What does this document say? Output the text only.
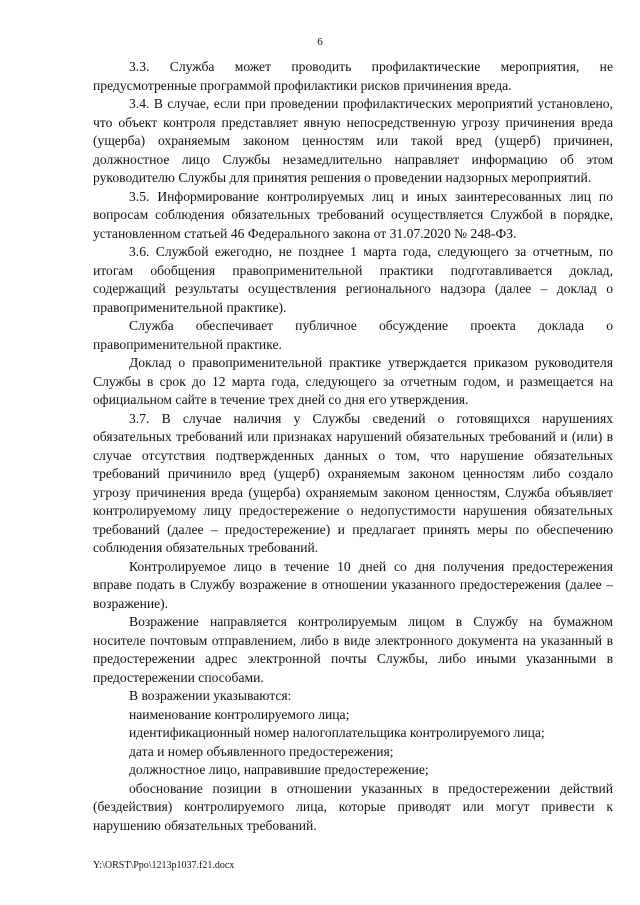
6

3.3. Служба может проводить профилактические мероприятия, не предусмотренные программой профилактики рисков причинения вреда.

3.4. В случае, если при проведении профилактических мероприятий установлено, что объект контроля представляет явную непосредственную угрозу причинения вреда (ущерба) охраняемым законом ценностям или такой вред (ущерб) причинен, должностное лицо Службы незамедлительно направляет информацию об этом руководителю Службы для принятия решения о проведении надзорных мероприятий.

3.5. Информирование контролируемых лиц и иных заинтересованных лиц по вопросам соблюдения обязательных требований осуществляется Службой в порядке, установленном статьей 46 Федерального закона от 31.07.2020 № 248-ФЗ.

3.6. Службой ежегодно, не позднее 1 марта года, следующего за отчетным, по итогам обобщения правоприменительной практики подготавливается доклад, содержащий результаты осуществления регионального надзора (далее – доклад о правоприменительной практике).

Служба обеспечивает публичное обсуждение проекта доклада о правоприменительной практике.

Доклад о правоприменительной практике утверждается приказом руководителя Службы в срок до 12 марта года, следующего за отчетным годом, и размещается на официальном сайте в течение трех дней со дня его утверждения.

3.7. В случае наличия у Службы сведений о готовящихся нарушениях обязательных требований или признаках нарушений обязательных требований и (или) в случае отсутствия подтвержденных данных о том, что нарушение обязательных требований причинило вред (ущерб) охраняемым законом ценностям либо создало угрозу причинения вреда (ущерба) охраняемым законом ценностям, Служба объявляет контролируемому лицу предостережение о недопустимости нарушения обязательных требований (далее – предостережение) и предлагает принять меры по обеспечению соблюдения обязательных требований.

Контролируемое лицо в течение 10 дней со дня получения предостережения вправе подать в Службу возражение в отношении указанного предостережения (далее – возражение).

Возражение направляется контролируемым лицом в Службу на бумажном носителе почтовым отправлением, либо в виде электронного документа на указанный в предостережении адрес электронной почты Службы, либо иными указанными в предостережении способами.

В возражении указываются:

наименование контролируемого лица;

идентификационный номер налогоплательщика контролируемого лица;

дата и номер объявленного предостережения;

должностное лицо, направившие предостережение;

обоснование позиции в отношении указанных в предостережении действий (бездействия) контролируемого лица, которые приводят или могут привести к нарушению обязательных требований.

Y:\ORST\Ppo\1213p1037.f21.docx
